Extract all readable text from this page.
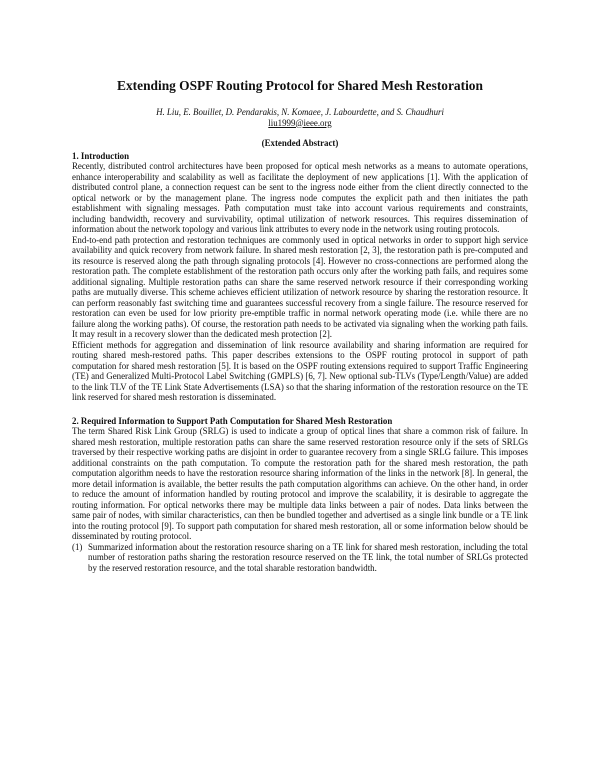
Extending OSPF Routing Protocol for Shared Mesh Restoration
H. Liu, E. Bouillet, D. Pendarakis, N. Komaee, J. Labourdette, and S. Chaudhuri
liu1999@ieee.org
(Extended Abstract)
1. Introduction

Recently, distributed control architectures have been proposed for optical mesh networks as a means to automate operations, enhance interoperability and scalability as well as facilitate the deployment of new applications [1]. With the application of distributed control plane, a connection request can be sent to the ingress node either from the client directly connected to the optical network or by the management plane. The ingress node computes the explicit path and then initiates the path establishment with signaling messages. Path computation must take into account various requirements and constraints, including bandwidth, recovery and survivability, optimal utilization of network resources. This requires dissemination of information about the network topology and various link attributes to every node in the network using routing protocols.

End-to-end path protection and restoration techniques are commonly used in optical networks in order to support high service availability and quick recovery from network failure. In shared mesh restoration [2, 3], the restoration path is pre-computed and its resource is reserved along the path through signaling protocols [4]. However no cross-connections are performed along the restoration path. The complete establishment of the restoration path occurs only after the working path fails, and requires some additional signaling. Multiple restoration paths can share the same reserved network resource if their corresponding working paths are mutually diverse. This scheme achieves efficient utilization of network resource by sharing the restoration resource. It can perform reasonably fast switching time and guarantees successful recovery from a single failure. The resource reserved for restoration can even be used for low priority pre-emptible traffic in normal network operating mode (i.e. while there are no failure along the working paths). Of course, the restoration path needs to be activated via signaling when the working path fails. It may result in a recovery slower than the dedicated mesh protection [2].

Efficient methods for aggregation and dissemination of link resource availability and sharing information are required for routing shared mesh-restored paths. This paper describes extensions to the OSPF routing protocol in support of path computation for shared mesh restoration [5]. It is based on the OSPF routing extensions required to support Traffic Engineering (TE) and Generalized Multi-Protocol Label Switching (GMPLS) [6, 7]. New optional sub-TLVs (Type/Length/Value) are added to the link TLV of the TE Link State Advertisements (LSA) so that the sharing information of the restoration resource on the TE link reserved for shared mesh restoration is disseminated.

2. Required Information to Support Path Computation for Shared Mesh Restoration

The term Shared Risk Link Group (SRLG) is used to indicate a group of optical lines that share a common risk of failure. In shared mesh restoration, multiple restoration paths can share the same reserved restoration resource only if the sets of SRLGs traversed by their respective working paths are disjoint in order to guarantee recovery from a single SRLG failure. This imposes additional constraints on the path computation. To compute the restoration path for the shared mesh restoration, the path computation algorithm needs to have the restoration resource sharing information of the links in the network [8]. In general, the more detail information is available, the better results the path computation algorithms can achieve. On the other hand, in order to reduce the amount of information handled by routing protocol and improve the scalability, it is desirable to aggregate the routing information. For optical networks there may be multiple data links between a pair of nodes. Data links between the same pair of nodes, with similar characteristics, can then be bundled together and advertised as a single link bundle or a TE link into the routing protocol [9]. To support path computation for shared mesh restoration, all or some information below should be disseminated by routing protocol.

(1) Summarized information about the restoration resource sharing on a TE link for shared mesh restoration, including the total number of restoration paths sharing the restoration resource reserved on the TE link, the total number of SRLGs protected by the reserved restoration resource, and the total sharable restoration bandwidth.
